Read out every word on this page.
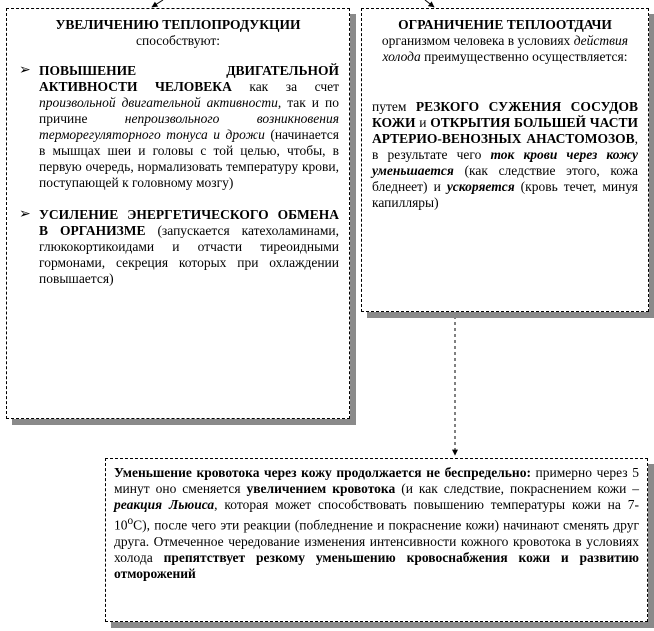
УВЕЛИЧЕНИЮ ТЕПЛОПРОДУКЦИИ
способствуют:
➢ ПОВЫШЕНИЕ ДВИГАТЕЛЬНОЙ АКТИВНОСТИ ЧЕЛОВЕКА как за счет произвольной двигательной активности, так и по причине непроизвольного возникновения терморегуляторного тонуса и дрожи (начинается в мышцах шеи и головы с той целью, чтобы, в первую очередь, нормализовать температуру крови, поступающей к головному мозгу)
➢ УСИЛЕНИЕ ЭНЕРГЕТИЧЕСКОГО ОБМЕНА В ОРГАНИЗМЕ (запускается катехоламинами, глюкокортикоидами и отчасти тиреоидными гормонами, секреция которых при охлаждении повышается)
ОГРАНИЧЕНИЕ ТЕПЛООТДАЧИ организмом человека в условиях действия холода преимущественно осуществляется:
путем РЕЗКОГО СУЖЕНИЯ СОСУДОВ КОЖИ и ОТКРЫТИЯ БОЛЬШЕЙ ЧАСТИ АРТЕРИО-ВЕНОЗНЫХ АНАСТОМОЗОВ, в результате чего ток крови через кожу уменьшается (как следствие этого, кожа бледнеет) и ускоряется (кровь течет, минуя капилляры)
Уменьшение кровотока через кожу продолжается не беспредельно: примерно через 5 минут оно сменяется увеличением кровотока (и как следствие, покраснением кожи – реакция Льюиса, которая может способствовать повышению температуры кожи на $7-10^оС$), после чего эти реакции (побледнение и покраснение кожи) начинают сменять друг друга. Отмеченное чередование изменения интенсивности кожного кровотока в условиях холода препятствует резкому уменьшению кровоснабжения кожи и развитию отморожений
